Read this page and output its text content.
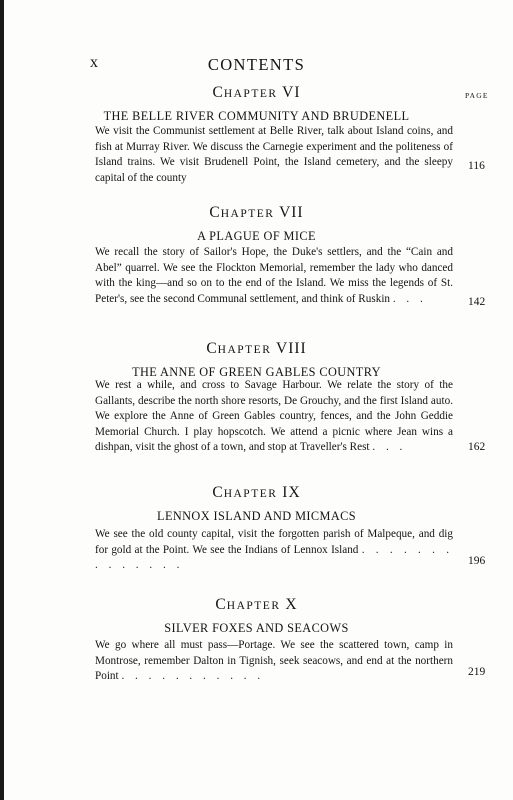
x	CONTENTS
PAGE
CHAPTER VI
THE BELLE RIVER COMMUNITY AND BRUDENELL
We visit the Communist settlement at Belle River, talk about Island coins, and fish at Murray River. We discuss the Carnegie experiment and the politeness of Island trains. We visit Brudenell Point, the Island cemetery, and the sleepy capital of the county
116
CHAPTER VII
A PLAGUE OF MICE
We recall the story of Sailor's Hope, the Duke's settlers, and the “Cain and Abel” quarrel. We see the Flockton Memorial, remember the lady who danced with the king—and so on to the end of the Island. We miss the legends of St. Peter's, see the second Communal settlement, and think of Ruskin . . .	142
CHAPTER VIII
THE ANNE OF GREEN GABLES COUNTRY
We rest a while, and cross to Savage Harbour. We relate the story of the Gallants, describe the north shore resorts, De Grouchy, and the first Island auto. We explore the Anne of Green Gables country, fences, and the John Geddie Memorial Church. I play hopscotch. We attend a picnic where Jean wins a dishpan, visit the ghost of a town, and stop at Traveller's Rest . . .	162
CHAPTER IX
LENNOX ISLAND AND MICMACS
We see the old county capital, visit the forgotten parish of Malpeque, and dig for gold at the Point. We see the Indians of Lennox Island . . . . . . . . . . . . . .	196
CHAPTER X
SILVER FOXES AND SEACOWS
We go where all must pass—Portage. We see the scattered town, camp in Montrose, remember Dalton in Tignish, seek seacows, and end at the northern Point . . . . . . . . . . .	219
